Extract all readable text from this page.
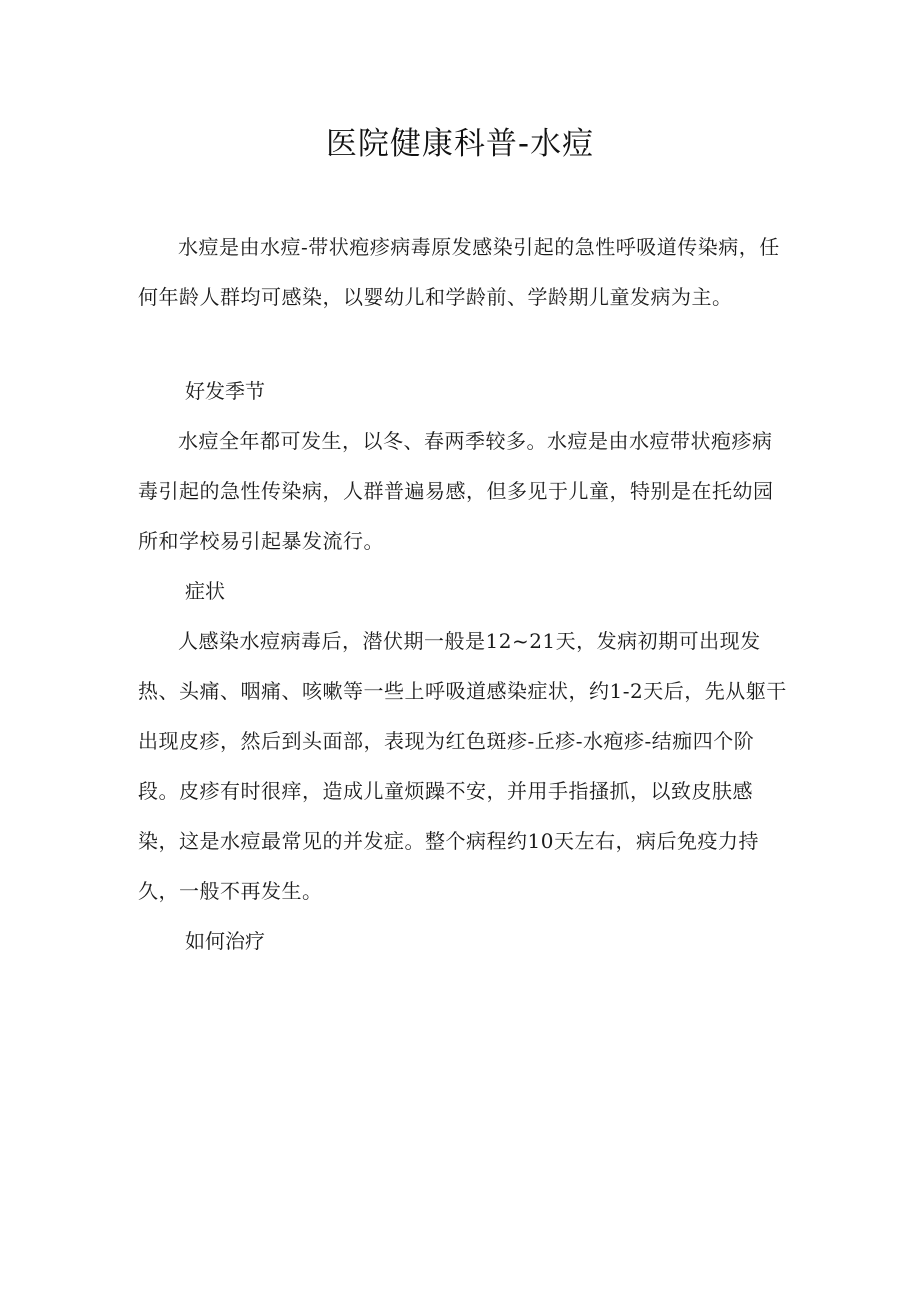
医院健康科普-水痘

水痘是由水痘-带状疱疹病毒原发感染引起的急性呼吸道传染病，任何年龄人群均可感染，以婴幼儿和学龄前、学龄期儿童发病为主。

好发季节

水痘全年都可发生，以冬、春两季较多。水痘是由水痘带状疱疹病毒引起的急性传染病，人群普遍易感，但多见于儿童，特别是在托幼园所和学校易引起暴发流行。

症状

人感染水痘病毒后，潜伏期一般是12~21天，发病初期可出现发热、头痛、咽痛、咳嗽等一些上呼吸道感染症状，约1-2天后，先从躯干出现皮疹，然后到头面部，表现为红色斑疹-丘疹-水疱疹-结痂四个阶段。皮疹有时很痒，造成儿童烦躁不安，并用手指搔抓，以致皮肤感染，这是水痘最常见的并发症。整个病程约10天左右，病后免疫力持久，一般不再发生。

如何治疗
